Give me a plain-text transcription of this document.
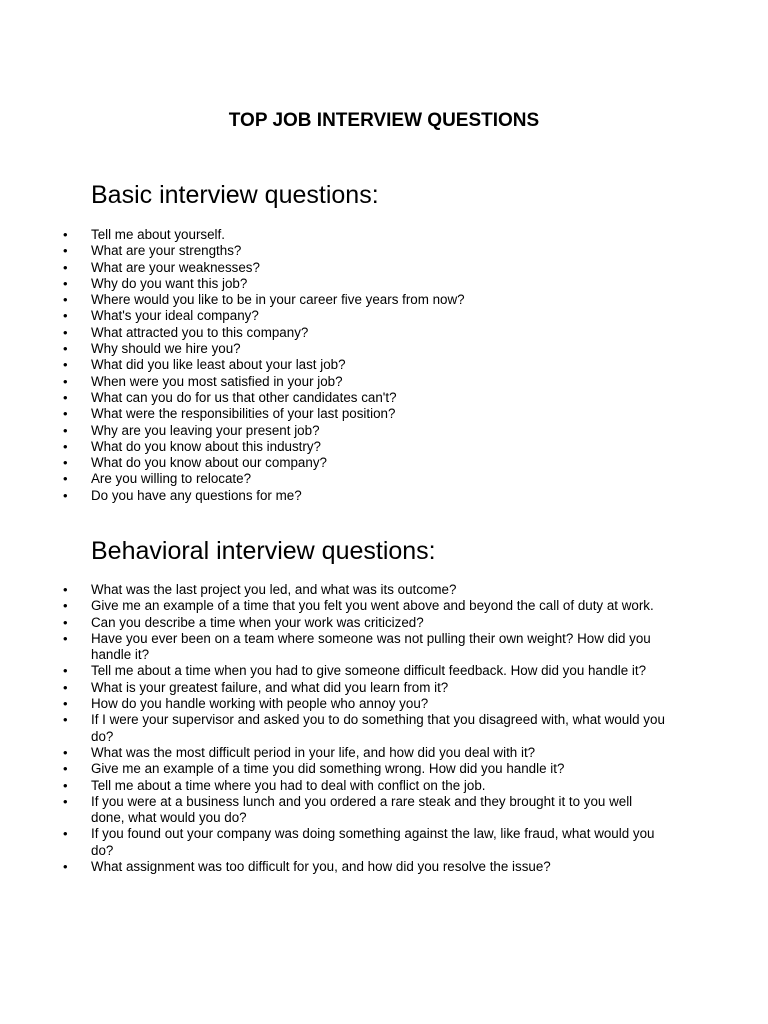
TOP JOB INTERVIEW QUESTIONS
Basic interview questions:
• Tell me about yourself.
• What are your strengths?
• What are your weaknesses?
• Why do you want this job?
• Where would you like to be in your career five years from now?
• What's your ideal company?
• What attracted you to this company?
• Why should we hire you?
• What did you like least about your last job?
• When were you most satisfied in your job?
• What can you do for us that other candidates can't?
• What were the responsibilities of your last position?
• Why are you leaving your present job?
• What do you know about this industry?
• What do you know about our company?
• Are you willing to relocate?
• Do you have any questions for me?
Behavioral interview questions:
• What was the last project you led, and what was its outcome?
• Give me an example of a time that you felt you went above and beyond the call of duty at work.
• Can you describe a time when your work was criticized?
• Have you ever been on a team where someone was not pulling their own weight? How did you handle it?
• Tell me about a time when you had to give someone difficult feedback. How did you handle it?
• What is your greatest failure, and what did you learn from it?
• How do you handle working with people who annoy you?
• If I were your supervisor and asked you to do something that you disagreed with, what would you do?
• What was the most difficult period in your life, and how did you deal with it?
• Give me an example of a time you did something wrong. How did you handle it?
• Tell me about a time where you had to deal with conflict on the job.
• If you were at a business lunch and you ordered a rare steak and they brought it to you well done, what would you do?
• If you found out your company was doing something against the law, like fraud, what would you do?
• What assignment was too difficult for you, and how did you resolve the issue?
